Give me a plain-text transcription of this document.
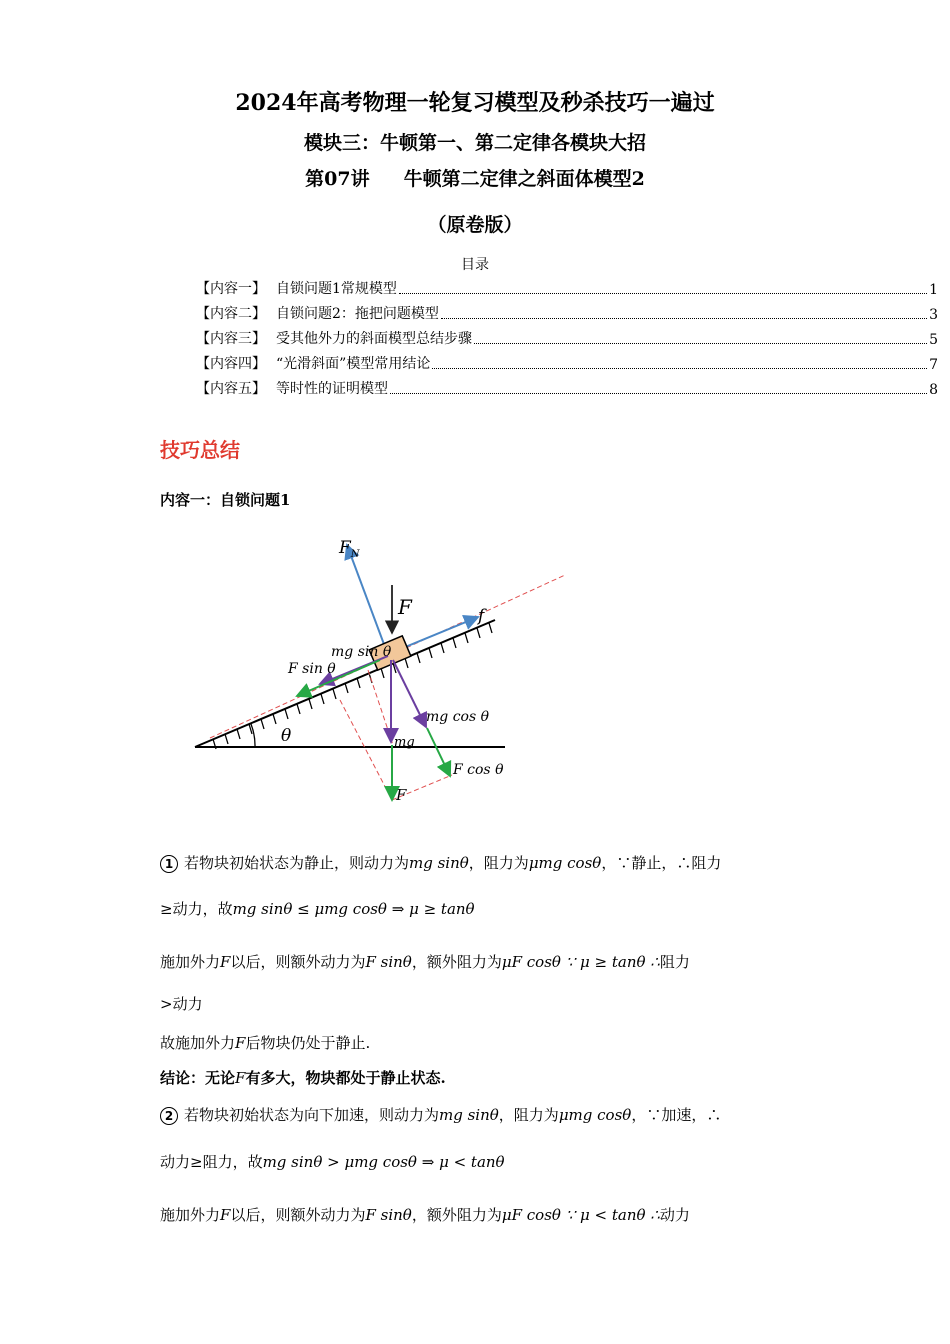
2024年高考物理一轮复习模型及秒杀技巧一遍过
模块三：牛顿第一、第二定律各模块大招
第07讲 牛顿第二定律之斜面体模型2
（原卷版）
目录
【内容一】 自锁问题1常规模型	1
【内容二】 自锁问题2：拖把问题模型	3
【内容三】 受其他外力的斜面模型总结步骤	5
【内容四】 “光滑斜面”模型常用结论	7
【内容五】 等时性的证明模型	8
技巧总结
内容一：自锁问题1
$F_N$
F	f
mg sin θ
F sin θ
θ
mg cos θ
mg
F cos θ
F
1 若物块初始状态为静止，则动力为mg sinθ，阻力为μmg cosθ，∵静止，∴阻力
≥动力，故mg sinθ ≤ μmg cosθ ⇒ μ ≥ tanθ
施加外力F以后，则额外动力为F sinθ，额外阻力为μF cosθ ∵ μ ≥ tanθ ∴阻力
>动力
故施加外力F后物块仍处于静止.
结论：无论F有多大，物块都处于静止状态.
2 若物块初始状态为向下加速，则动力为mg sinθ，阻力为μmg cosθ，∵加速，∴
动力≥阻力，故mg sinθ > μmg cosθ ⇒ μ < tanθ
施加外力F以后，则额外动力为F sinθ，额外阻力为μF cosθ ∵ μ < tanθ ∴动力
